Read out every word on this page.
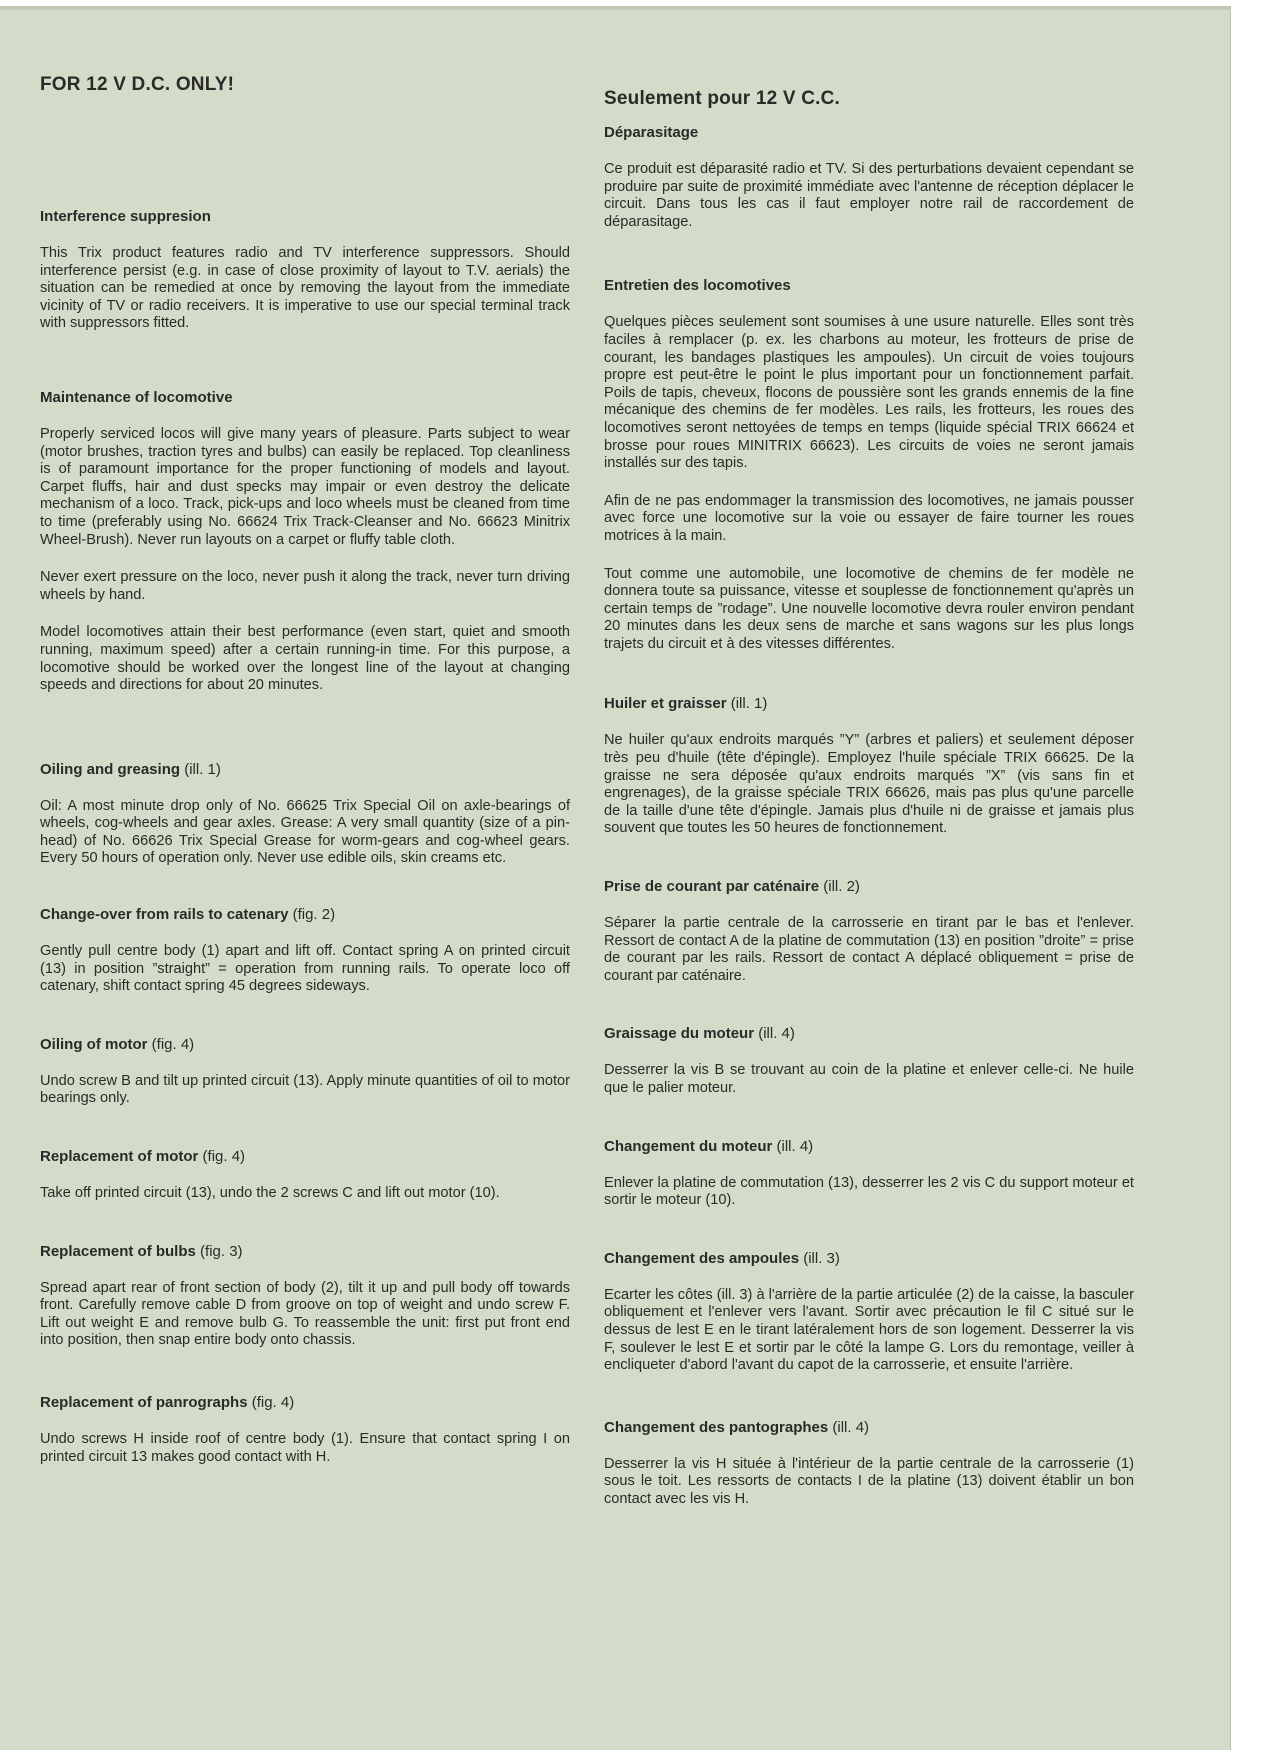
FOR 12 V D.C. ONLY!
Interference suppresion

This Trix product features radio and TV interference suppressors. Should interference persist (e.g. in case of close proximity of layout to T.V. aerials) the situation can be remedied at once by removing the layout from the immediate vicinity of TV or radio receivers. It is imperative to use our special terminal track with suppressors fitted.

Maintenance of locomotive

Properly serviced locos will give many years of pleasure. Parts subject to wear (motor brushes, traction tyres and bulbs) can easily be replaced. Top cleanliness is of paramount importance for the proper functioning of models and layout. Carpet fluffs, hair and dust specks may impair or even destroy the delicate mechanism of a loco. Track, pick-ups and loco wheels must be cleaned from time to time (preferably using No. 66624 Trix Track-Cleanser and No. 66623 Minitrix Wheel-Brush). Never run layouts on a carpet or fluffy table cloth.

Never exert pressure on the loco, never push it along the track, never turn driving wheels by hand.

Model locomotives attain their best performance (even start, quiet and smooth running, maximum speed) after a certain running-in time. For this purpose, a locomotive should be worked over the longest line of the layout at changing speeds and directions for about 20 minutes.

Oiling and greasing (ill. 1)

Oil: A most minute drop only of No. 66625 Trix Special Oil on axle-bearings of wheels, cog-wheels and gear axles. Grease: A very small quantity (size of a pin-head) of No. 66626 Trix Special Grease for worm-gears and cog-wheel gears. Every 50 hours of operation only. Never use edible oils, skin creams etc.

Change-over from rails to catenary (fig. 2)

Gently pull centre body (1) apart and lift off. Contact spring A on printed circuit (13) in position ”straight” = operation from running rails. To operate loco off catenary, shift contact spring 45 degrees sideways.

Oiling of motor (fig. 4)

Undo screw B and tilt up printed circuit (13). Apply minute quantities of oil to motor bearings only.

Replacement of motor (fig. 4)

Take off printed circuit (13), undo the 2 screws C and lift out motor (10).

Replacement of bulbs (fig. 3)

Spread apart rear of front section of body (2), tilt it up and pull body off towards front. Carefully remove cable D from groove on top of weight and undo screw F. Lift out weight E and remove bulb G. To reassemble the unit: first put front end into position, then snap entire body onto chassis.

Replacement of panrographs (fig. 4)

Undo screws H inside roof of centre body (1). Ensure that contact spring I on printed circuit 13 makes good contact with H.

Seulement pour 12 V C.C.
Déparasitage

Ce produit est déparasité radio et TV. Si des perturbations devaient cependant se produire par suite de proximité immédiate avec l'antenne de réception déplacer le circuit. Dans tous les cas il faut employer notre rail de raccordement de déparasitage.

Entretien des locomotives

Quelques pièces seulement sont soumises à une usure naturelle. Elles sont très faciles à remplacer (p. ex. les charbons au moteur, les frotteurs de prise de courant, les bandages plastiques les ampoules). Un circuit de voies toujours propre est peut-être le point le plus important pour un fonctionnement parfait. Poils de tapis, cheveux, flocons de poussière sont les grands ennemis de la fine mécanique des chemins de fer modèles. Les rails, les frotteurs, les roues des locomotives seront nettoyées de temps en temps (liquide spécial TRIX 66624 et brosse pour roues MINITRIX 66623). Les circuits de voies ne seront jamais installés sur des tapis.

Afin de ne pas endommager la transmission des locomotives, ne jamais pousser avec force une locomotive sur la voie ou essayer de faire tourner les roues motrices à la main.

Tout comme une automobile, une locomotive de chemins de fer modèle ne donnera toute sa puissance, vitesse et souplesse de fonctionnement qu'après un certain temps de ”rodage”. Une nouvelle locomotive devra rouler environ pendant 20 minutes dans les deux sens de marche et sans wagons sur les plus longs trajets du circuit et à des vitesses différentes.

Huiler et graisser (ill. 1)

Ne huiler qu'aux endroits marqués ”Y” (arbres et paliers) et seulement déposer très peu d'huile (tête d'épingle). Employez l'huile spéciale TRIX 66625. De la graisse ne sera déposée qu'aux endroits marqués ”X” (vis sans fin et engrenages), de la graisse spéciale TRIX 66626, mais pas plus qu'une parcelle de la taille d'une tête d'épingle. Jamais plus d'huile ni de graisse et jamais plus souvent que toutes les 50 heures de fonctionnement.

Prise de courant par caténaire (ill. 2)

Séparer la partie centrale de la carrosserie en tirant par le bas et l'enlever. Ressort de contact A de la platine de commutation (13) en position ”droite” = prise de courant par les rails. Ressort de contact A déplacé obliquement = prise de courant par caténaire.

Graissage du moteur (ill. 4)

Desserrer la vis B se trouvant au coin de la platine et enlever celle-ci. Ne huile que le palier moteur.

Changement du moteur (ill. 4)

Enlever la platine de commutation (13), desserrer les 2 vis C du support moteur et sortir le moteur (10).

Changement des ampoules (ill. 3)

Ecarter les côtes (ill. 3) à l'arrière de la partie articulée (2) de la caisse, la basculer obliquement et l'enlever vers l'avant. Sortir avec précaution le fil C situé sur le dessus de lest E en le tirant latéralement hors de son logement. Desserrer la vis F, soulever le lest E et sortir par le côté la lampe G. Lors du remontage, veiller à encliqueter d'abord l'avant du capot de la carrosserie, et ensuite l'arrière.

Changement des pantographes (ill. 4)

Desserrer la vis H située à l'intérieur de la partie centrale de la carrosserie (1) sous le toit. Les ressorts de contacts I de la platine (13) doivent établir un bon contact avec les vis H.
